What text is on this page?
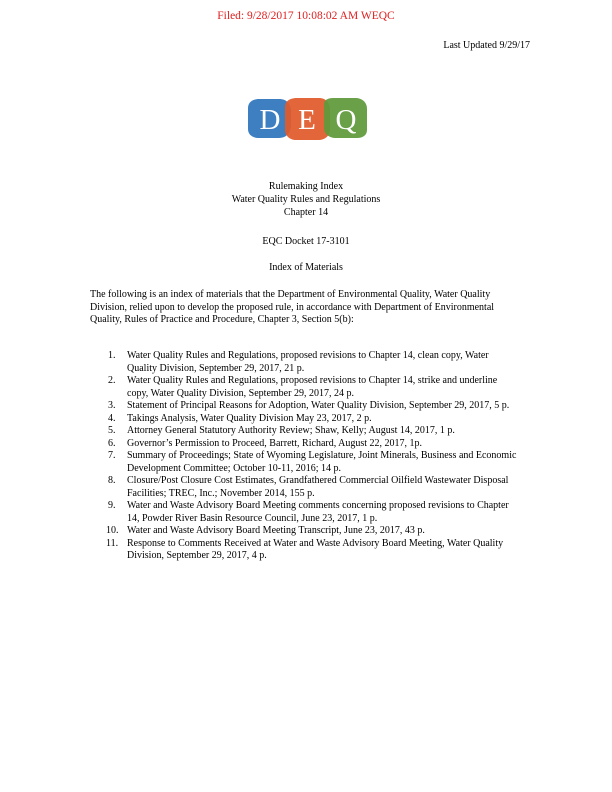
Filed: 9/28/2017 10:08:02 AM WEQC
Last Updated 9/29/17
D E Q
Rulemaking Index
Water Quality Rules and Regulations
Chapter 14
EQC Docket 17-3101
Index of Materials

The following is an index of materials that the Department of Environmental Quality, Water Quality Division, relied upon to develop the proposed rule, in accordance with Department of Environmental Quality, Rules of Practice and Procedure, Chapter 3, Section 5(b):

1.	Water Quality Rules and Regulations, proposed revisions to Chapter 14, clean copy, Water Quality Division, September 29, 2017, 21 p.
2.	Water Quality Rules and Regulations, proposed revisions to Chapter 14, strike and underline copy, Water Quality Division, September 29, 2017, 24 p.
3.	Statement of Principal Reasons for Adoption, Water Quality Division, September 29, 2017, 5 p.
4.	Takings Analysis, Water Quality Division May 23, 2017, 2 p.
5.	Attorney General Statutory Authority Review; Shaw, Kelly; August 14, 2017, 1 p.
6.	Governor’s Permission to Proceed, Barrett, Richard, August 22, 2017, 1p.
7.	Summary of Proceedings; State of Wyoming Legislature, Joint Minerals, Business and Economic Development Committee; October 10-11, 2016; 14 p.
8.	Closure/Post Closure Cost Estimates, Grandfathered Commercial Oilfield Wastewater Disposal Facilities; TREC, Inc.; November 2014, 155 p.
9.	Water and Waste Advisory Board Meeting comments concerning proposed revisions to Chapter 14, Powder River Basin Resource Council, June 23, 2017, 1 p.
10. Water and Waste Advisory Board Meeting Transcript, June 23, 2017, 43 p.
11. Response to Comments Received at Water and Waste Advisory Board Meeting, Water Quality Division, September 29, 2017, 4 p.
